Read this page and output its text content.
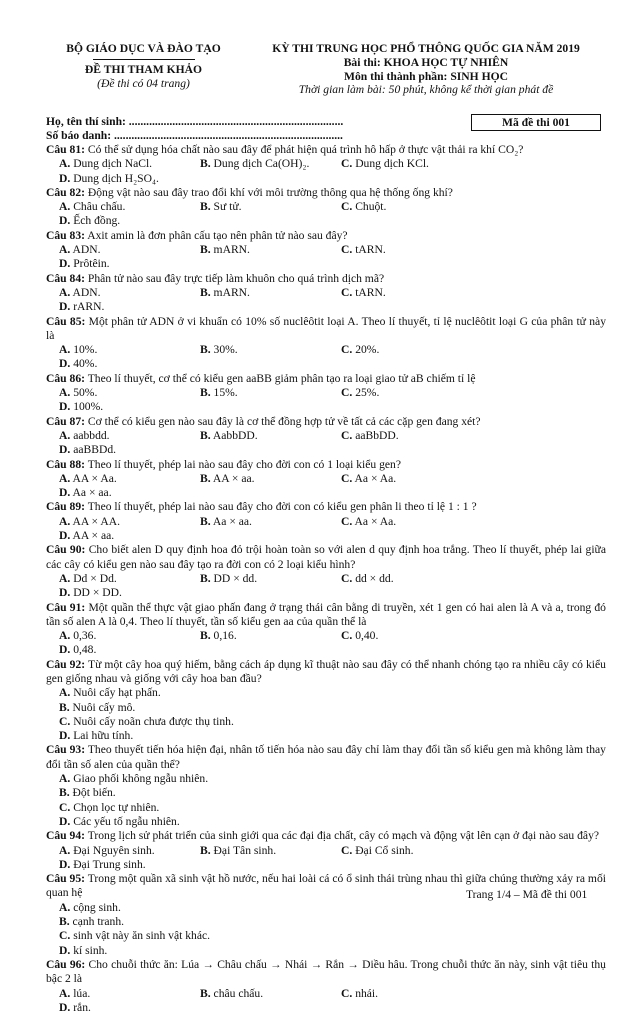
BỘ GIÁO DỤC VÀ ĐÀO TẠO
ĐỀ THI THAM KHẢO
(Đề thi có 04 trang)
KỲ THI TRUNG HỌC PHỔ THÔNG QUỐC GIA NĂM 2019
Bài thi: KHOA HỌC TỰ NHIÊN
Môn thi thành phần: SINH HỌC
Thời gian làm bài: 50 phút, không kể thời gian phát đề
Họ, tên thí sinh: ..........................................................................
Số báo danh: ...............................................................................
Mã đề thi 001
Câu 81: Có thể sử dụng hóa chất nào sau đây để phát hiện quá trình hô hấp ở thực vật thải ra khí CO₂?
A. Dung dịch NaCl.	B. Dung dịch Ca(OH)₂.	C. Dung dịch KCl.
D. Dung dịch H₂SO₄.
Câu 82: Động vật nào sau đây trao đổi khí với môi trường thông qua hệ thống ống khí?
A. Châu chấu.	B. Sư tử.	C. Chuột.
D. Ếch đồng.
Câu 83: Axit amin là đơn phân cấu tạo nên phân tử nào sau đây?
A. ADN.	B. mARN.	C. tARN.
D. Prôtêin.
Câu 84: Phân tử nào sau đây trực tiếp làm khuôn cho quá trình dịch mã?
A. ADN.	B. mARN.	C. tARN.
D. rARN.
Câu 85: Một phân tử ADN ở vi khuẩn có 10% số nuclêôtit loại A. Theo lí thuyết, tỉ lệ nuclêôtit loại G của phân tử này là
A. 10%.	B. 30%.	C. 20%.
D. 40%.
Câu 86: Theo lí thuyết, cơ thể có kiểu gen aaBB giảm phân tạo ra loại giao tử aB chiếm tỉ lệ
A. 50%.	B. 15%.	C. 25%.
D. 100%.
Câu 87: Cơ thể có kiểu gen nào sau đây là cơ thể đồng hợp tử về tất cả các cặp gen đang xét?
A. aabbdd.	B. AabbDD.	C. aaBbDD.
D. aaBBDd.
Câu 88: Theo lí thuyết, phép lai nào sau đây cho đời con có 1 loại kiểu gen?
A. AA × Aa.	B. AA × aa.	C. Aa × Aa.
D. Aa × aa.
Câu 89: Theo lí thuyết, phép lai nào sau đây cho đời con có kiểu gen phân li theo tỉ lệ 1 : 1 ?
A. AA × AA.	B. Aa × aa.	C. Aa × Aa.
D. AA × aa.
Câu 90: Cho biết alen D quy định hoa đỏ trội hoàn toàn so với alen d quy định hoa trắng. Theo lí thuyết, phép lai giữa các cây có kiểu gen nào sau đây tạo ra đời con có 2 loại kiểu hình?
A. Dd × Dd.	B. DD × dd.	C. dd × dd.
D. DD × DD.
Câu 91: Một quần thể thực vật giao phấn đang ở trạng thái cân bằng di truyền, xét 1 gen có hai alen là A và a, trong đó tần số alen A là 0,4. Theo lí thuyết, tần số kiểu gen aa của quần thể là
A. 0,36.	B. 0,16.	C. 0,40.
D. 0,48.
Câu 92: Từ một cây hoa quý hiếm, bằng cách áp dụng kĩ thuật nào sau đây có thể nhanh chóng tạo ra nhiều cây có kiểu gen giống nhau và giống với cây hoa ban đầu?
A. Nuôi cấy hạt phấn.
B. Nuôi cấy mô.
C. Nuôi cấy noãn chưa được thụ tinh.
D. Lai hữu tính.
Câu 93: Theo thuyết tiến hóa hiện đại, nhân tố tiến hóa nào sau đây chỉ làm thay đổi tần số kiểu gen mà không làm thay đổi tần số alen của quần thể?
A. Giao phối không ngẫu nhiên.
B. Đột biến.
C. Chọn lọc tự nhiên.
D. Các yếu tố ngẫu nhiên.
Câu 94: Trong lịch sử phát triển của sinh giới qua các đại địa chất, cây có mạch và động vật lên cạn ở đại nào sau đây?
A. Đại Nguyên sinh.	B. Đại Tân sinh.	C. Đại Cổ sinh.
D. Đại Trung sinh.
Câu 95: Trong một quần xã sinh vật hồ nước, nếu hai loài cá có ổ sinh thái trùng nhau thì giữa chúng thường xảy ra mối quan hệ
A. cộng sinh.
B. cạnh tranh.
C. sinh vật này ăn sinh vật khác.
D. kí sinh.
Câu 96: Cho chuỗi thức ăn: Lúa → Châu chấu → Nhái → Rắn → Diều hâu. Trong chuỗi thức ăn này, sinh vật tiêu thụ bậc 2 là
A. lúa.	B. châu chấu.	C. nhái.
D. rắn.
Trang 1/4 – Mã đề thi 001
